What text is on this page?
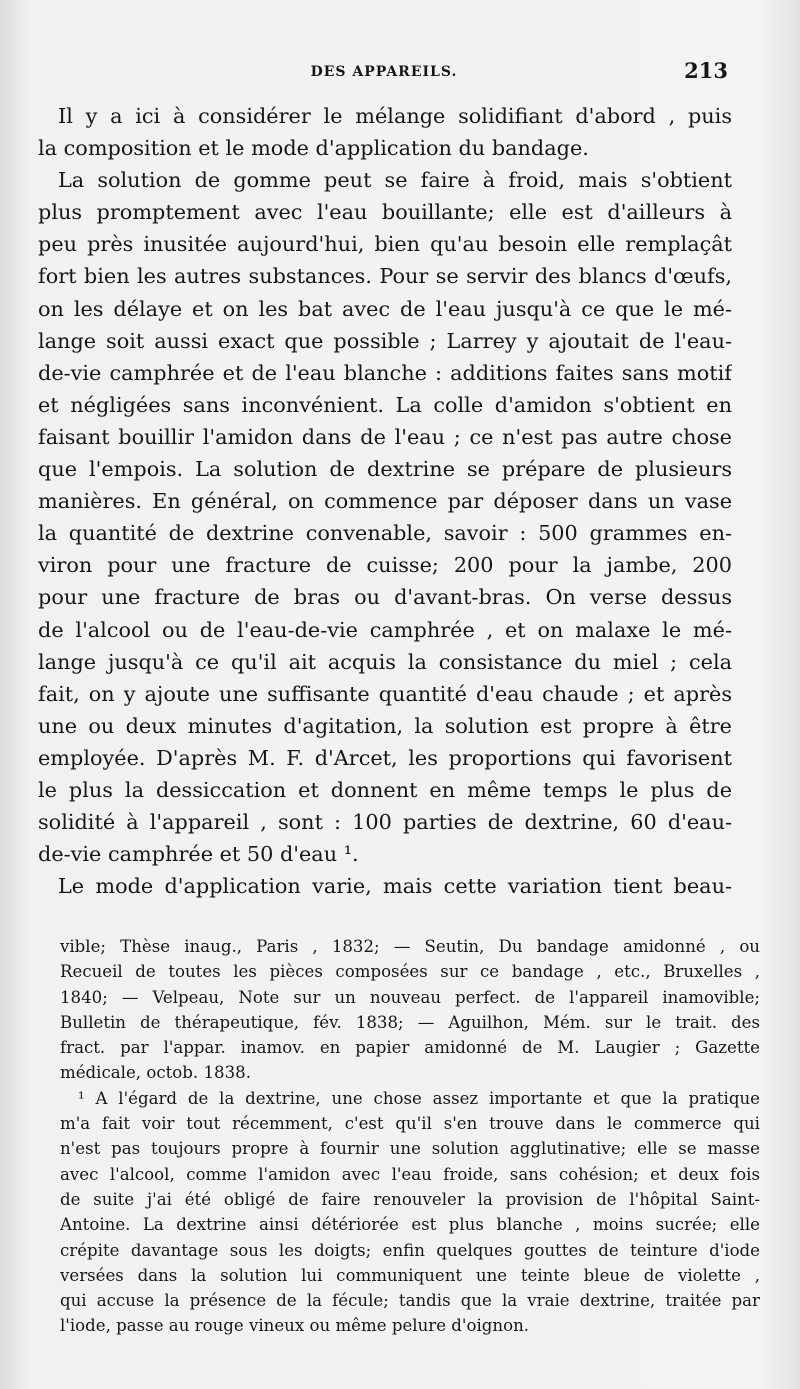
DES APPAREILS.	213
Il y a ici à considérer le mélange solidifiant d'abord , puis
la composition et le mode d'application du bandage.
La solution de gomme peut se faire à froid, mais s'obtient
plus promptement avec l'eau bouillante; elle est d'ailleurs à
peu près inusitée aujourd'hui, bien qu'au besoin elle remplaçât
fort bien les autres substances. Pour se servir des blancs d'œufs,
on les délaye et on les bat avec de l'eau jusqu'à ce que le mé-
lange soit aussi exact que possible ; Larrey y ajoutait de l'eau-
de-vie camphrée et de l'eau blanche : additions faites sans motif
et négligées sans inconvénient. La colle d'amidon s'obtient en
faisant bouillir l'amidon dans de l'eau ; ce n'est pas autre chose
que l'empois. La solution de dextrine se prépare de plusieurs
manières. En général, on commence par déposer dans un vase
la quantité de dextrine convenable, savoir : 500 grammes en-
viron pour une fracture de cuisse; 200 pour la jambe, 200
pour une fracture de bras ou d'avant-bras. On verse dessus
de l'alcool ou de l'eau-de-vie camphrée , et on malaxe le mé-
lange jusqu'à ce qu'il ait acquis la consistance du miel ; cela
fait, on y ajoute une suffisante quantité d'eau chaude ; et après
une ou deux minutes d'agitation, la solution est propre à être
employée. D'après M. F. d'Arcet, les proportions qui favorisent
le plus la dessiccation et donnent en même temps le plus de
solidité à l'appareil , sont : 100 parties de dextrine, 60 d'eau-
de-vie camphrée et 50 d'eau ¹.
Le mode d'application varie, mais cette variation tient beau-
vible; Thèse inaug., Paris , 1832; — Seutin, Du bandage amidonné , ou
Recueil de toutes les pièces composées sur ce bandage , etc., Bruxelles ,
1840; — Velpeau, Note sur un nouveau perfect. de l'appareil inamovible;
Bulletin de thérapeutique, fév. 1838; — Aguilhon, Mém. sur le trait. des
fract. par l'appar. inamov. en papier amidonné de M. Laugier ; Gazette
médicale, octob. 1838.
¹ A l'égard de la dextrine, une chose assez importante et que la pratique
m'a fait voir tout récemment, c'est qu'il s'en trouve dans le commerce qui
n'est pas toujours propre à fournir une solution agglutinative; elle se masse
avec l'alcool, comme l'amidon avec l'eau froide, sans cohésion; et deux fois
de suite j'ai été obligé de faire renouveler la provision de l'hôpital Saint-
Antoine. La dextrine ainsi détériorée est plus blanche , moins sucrée; elle
crépite davantage sous les doigts; enfin quelques gouttes de teinture d'iode
versées dans la solution lui communiquent une teinte bleue de violette ,
qui accuse la présence de la fécule; tandis que la vraie dextrine, traitée par
l'iode, passe au rouge vineux ou même pelure d'oignon.
